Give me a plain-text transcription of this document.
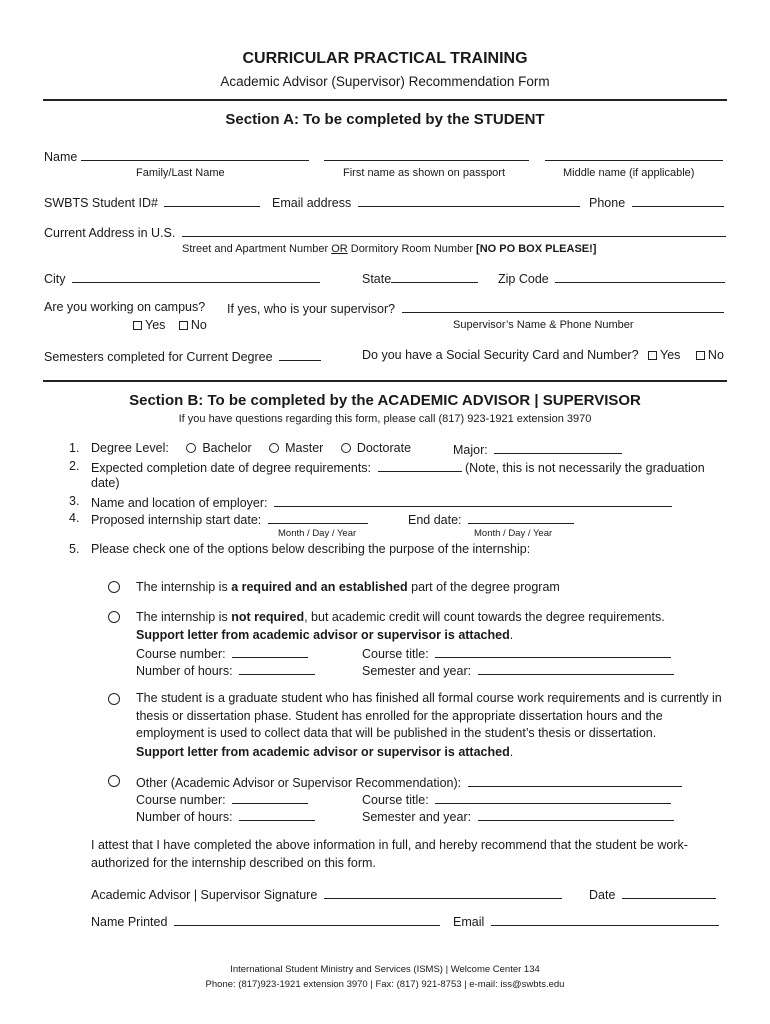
CURRICULAR PRACTICAL TRAINING
Academic Advisor (Supervisor) Recommendation Form
Section A: To be completed by the STUDENT
Name
Family/Last Name	First name as shown on passport	Middle name (if applicable)
SWBTS Student ID#	Email address	Phone
Current Address in U.S.
Street and Apartment Number OR Dormitory Room Number [NO PO BOX PLEASE!]
City	State	Zip Code
Are you working on campus? If yes, who is your supervisor?
Yes No	Supervisor’s Name & Phone Number
Semesters completed for Current Degree	Do you have a Social Security Card and Number? Yes No
Section B: To be completed by the ACADEMIC ADVISOR | SUPERVISOR
If you have questions regarding this form, please call (817) 923-1921 extension 3970
1. Degree Level:	Bachelor	Master	Doctorate	Major:
2. Expected completion date of degree requirements:	(Note, this is not necessarily the graduation
date)
3. Name and location of employer:
4. Proposed internship start date:	End date:
Month / Day / Year	Month / Day / Year
5. Please check one of the options below describing the purpose of the internship:
The internship is a required and an established part of the degree program
The internship is not required, but academic credit will count towards the degree requirements.
Support letter from academic advisor or supervisor is attached.
Course number:	Course title:
Number of hours:	Semester and year:
The student is a graduate student who has finished all formal course work requirements and is currently in thesis or dissertation phase. Student has enrolled for the appropriate dissertation hours and the employment is used to collect data that will be published in the student’s thesis or dissertation.
Support letter from academic advisor or supervisor is attached.
Other (Academic Advisor or Supervisor Recommendation):
Course number:	Course title:
Number of hours:	Semester and year:
I attest that I have completed the above information in full, and hereby recommend that the student be work-authorized for the internship described on this form.
Academic Advisor | Supervisor Signature	Date
Name Printed	Email
International Student Ministry and Services (ISMS) | Welcome Center 134
Phone: (817)923-1921 extension 3970 | Fax: (817) 921-8753 | e-mail: iss@swbts.edu
